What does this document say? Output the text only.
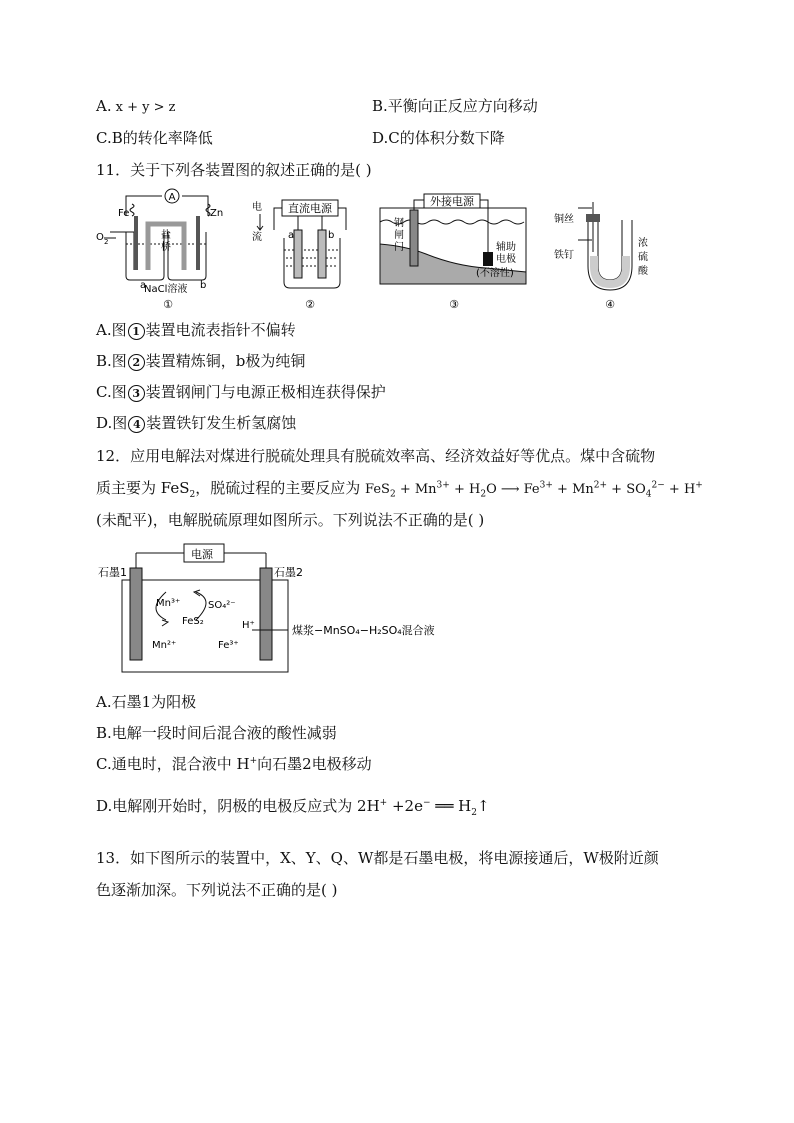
A. x + y > z	B.平衡向正反应方向移动
C.B的转化率降低	D.C的体积分数下降
11．关于下列各装置图的叙述正确的是( )
A
Fe	Zn
O 2
盐
桥
a	b
NaCl溶液
①
直流电源
电
流	a	b
②
外接电源
钢
闸
门	辅助
电极
(不溶性)
③
铜丝
铁钉
浓
硫
酸
④
A.图 1 装置电流表指针不偏转
B.图 2 装置精炼铜，b极为纯铜
C.图 3 装置钢闸门与电源正极相连获得保护
D.图 4 装置铁钉发生析氢腐蚀
12．应用电解法对煤进行脱硫处理具有脱硫效率高、经济效益好等优点。煤中含硫物
质主要为 FeS$_2$，脱硫过程的主要反应为 $FeS_2 + Mn^{3+} + H_2O$ ⟶ $Fe^{3+} + Mn^{2+} + SO_4^{2-} + H^+$
(未配平)，电解脱硫原理如图所示。下列说法不正确的是( )
电源
石墨1	石墨2
Mn³⁺
Mn²⁺
FeS₂
SO₄²⁻
Fe³⁺
H⁺	煤浆−MnSO₄−H₂SO₄混合液
A.石墨1为阳极
B.电解一段时间后混合液的酸性减弱
C.通电时，混合液中 H+向石墨2电极移动
D.电解刚开始时，阴极的电极反应式为 2H+ +2e− ══ $H_2↑$
13．如下图所示的装置中，X、Y、Q、W都是石墨电极，将电源接通后，W极附近颜
色逐渐加深。下列说法不正确的是( )
